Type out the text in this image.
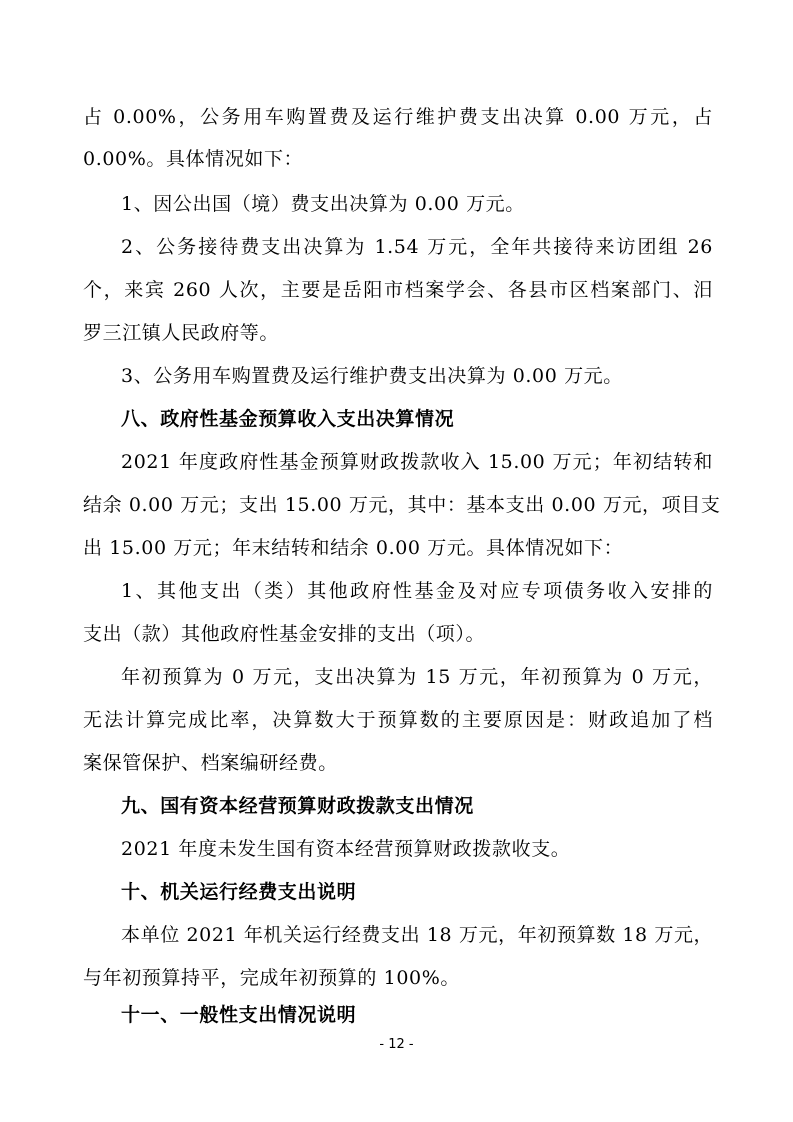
占 0.00%，公务用车购置费及运行维护费支出决算 0.00 万元，占
0.00%。具体情况如下：
1、因公出国（境）费支出决算为 0.00 万元。
2、公务接待费支出决算为 1.54 万元，全年共接待来访团组 26
个，来宾 260 人次，主要是岳阳市档案学会、各县市区档案部门、汨
罗三江镇人民政府等。
3、公务用车购置费及运行维护费支出决算为 0.00 万元。
八、政府性基金预算收入支出决算情况
2021 年度政府性基金预算财政拨款收入 15.00 万元；年初结转和
结余 0.00 万元；支出 15.00 万元，其中：基本支出 0.00 万元，项目支
出 15.00 万元；年末结转和结余 0.00 万元。具体情况如下：
1、其他支出（类）其他政府性基金及对应专项债务收入安排的
支出（款）其他政府性基金安排的支出（项）。
年初预算为 0 万元，支出决算为 15 万元，年初预算为 0 万元，
无法计算完成比率，决算数大于预算数的主要原因是：财政追加了档
案保管保护、档案编研经费。
九、国有资本经营预算财政拨款支出情况
2021 年度未发生国有资本经营预算财政拨款收支。
十、机关运行经费支出说明
本单位 2021 年机关运行经费支出 18 万元，年初预算数 18 万元，
与年初预算持平，完成年初预算的 100%。
十一、一般性支出情况说明
- 12 -
